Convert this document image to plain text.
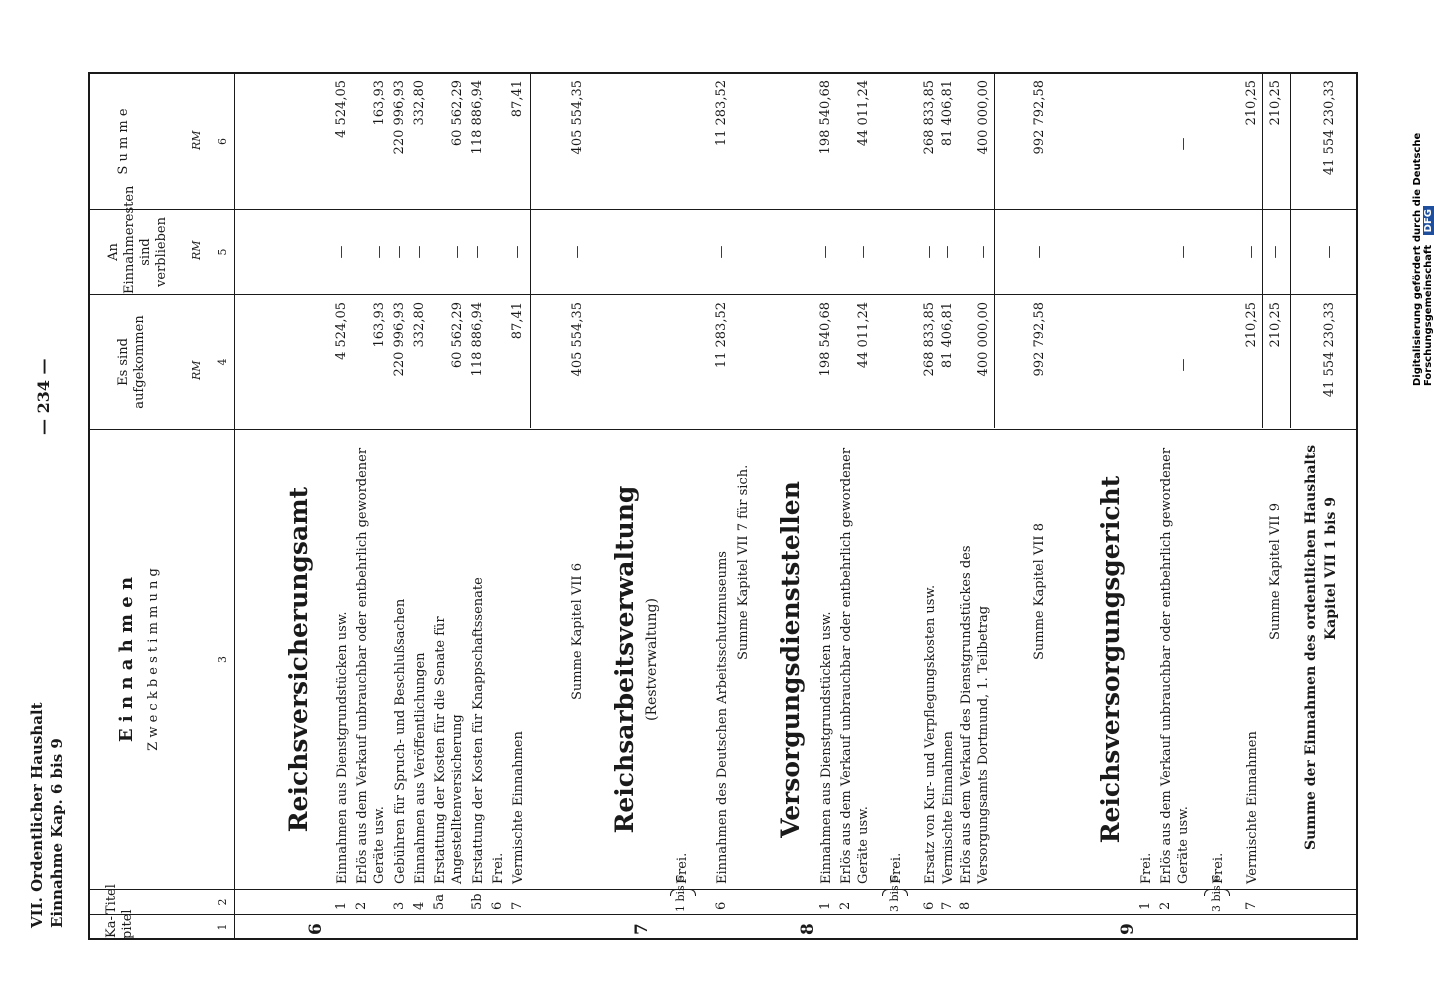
VII. Ordentlicher Haushalt Einnahme Kap. 6 bis 9
— 234 —
Ka-
pitel
Titel
E i n n a h m e n Z w e c k b e s t i m m u n g
Es sind
aufgekommen
An
Einnahmeresten
sind verblieben
S u m m e
RM
RM
RM
1
2
3
4
5
6
6
Reichsversicherungsamt
1
Einnahmen aus Dienstgrundstücken usw.
4 524,05
—
4 524,05
2
Erlös aus dem Verkauf unbrauchbar oder entbehrlich gewordener Geräte usw.
163,93
—
163,93
3
Gebühren für Spruch- und Beschlußsachen
220 996,93
—
220 996,93
4
Einnahmen aus Veröffentlichungen
332,80
—
332,80
5a
Erstattung der Kosten für die Senate für Angestelltenversicherung
60 562,29
—
60 562,29
5b
Erstattung der Kosten für Knappschaftssenate
118 886,94
—
118 886,94
6
Frei.
7
Vermischte Einnahmen
87,41
—
87,41
Summe Kapitel VII 6
405 554,35
—
405 554,35
7
Reichsarbeitsverwaltung (Restverwaltung)
1 bis 5
Frei.
6
Einnahmen des Deutschen Arbeitsschutzmuseums
11 283,52
—
11 283,52
Summe Kapitel VII 7 für sich.
8
Versorgungsdienststellen
1
Einnahmen aus Dienstgrundstücken usw.
198 540,68
—
198 540,68
2
Erlös aus dem Verkauf unbrauchbar oder entbehrlich gewordener Geräte usw.
44 011,24
—
44 011,24
3 bis 5
Frei.
6
Ersatz von Kur- und Verpflegungskosten usw.
268 833,85
—
268 833,85
7
Vermischte Einnahmen
81 406,81
—
81 406,81
8
Erlös aus dem Verkauf des Dienstgrundstückes des Versorgungsamts Dortmund, 1. Teilbetrag
400 000,00
—
400 000,00
Summe Kapitel VII 8
992 792,58
—
992 792,58
9
Reichsversorgungsgericht
1
Frei.
2
Erlös aus dem Verkauf unbrauchbar oder entbehrlich gewordener Geräte usw.
—
—
—
3 bis 6
Frei.
7
Vermischte Einnahmen
210,25
—
210,25
Summe Kapitel VII 9
210,25
—
210,25
Summe der Einnahmen des ordentlichen Haushalts Kapitel VII 1 bis 9
41 554 230,33
—
41 554 230,33
Digitalisierung gefördert durch die Deutsche Forschungsgemeinschaft DFG
